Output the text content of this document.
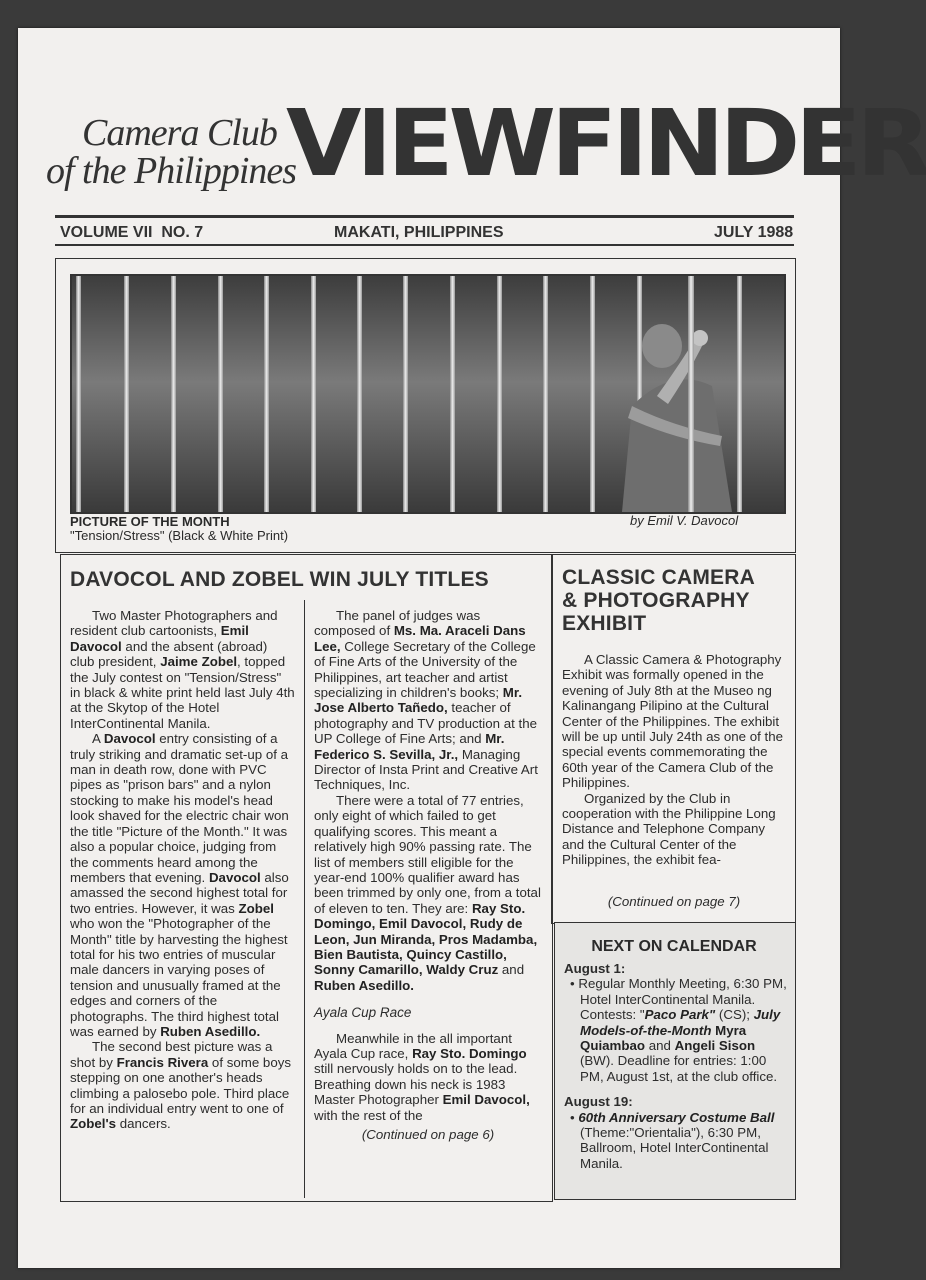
Camera Club
of the Philippines
VIEWFINDER
VOLUME VII NO. 7	MAKATI, PHILIPPINES	JULY 1988
PICTURE OF THE MONTH
"Tension/Stress" (Black & White Print)
by Emil V. Davocol
DAVOCOL AND ZOBEL WIN JULY TITLES

Two Master Photographers and resident club cartoonists, Emil Davocol and the absent (abroad) club president, Jaime Zobel, topped the July contest on "Tension/Stress" in black & white print held last July 4th at the Skytop of the Hotel InterContinental Manila.

A Davocol entry consisting of a truly striking and dramatic set-up of a man in death row, done with PVC pipes as "prison bars" and a nylon stocking to make his model's head look shaved for the electric chair won the title "Picture of the Month." It was also a popular choice, judging from the comments heard among the members that evening. Davocol also amassed the second highest total for two entries. However, it was Zobel who won the "Photographer of the Month" title by harvesting the highest total for his two entries of muscular male dancers in varying poses of tension and unusually framed at the edges and corners of the photographs. The third highest total was earned by Ruben Asedillo.

The second best picture was a shot by Francis Rivera of some boys stepping on one another's heads climbing a palosebo pole. Third place for an individual entry went to one of Zobel's dancers.

The panel of judges was composed of Ms. Ma. Araceli Dans Lee, College Secretary of the College of Fine Arts of the University of the Philippines, art teacher and artist specializing in children's books; Mr. Jose Alberto Tañedo, teacher of photography and TV production at the UP College of Fine Arts; and Mr. Federico S. Sevilla, Jr., Managing Director of Insta Print and Creative Art Techniques, Inc.

There were a total of 77 entries, only eight of which failed to get qualifying scores. This meant a relatively high 90% passing rate. The list of members still eligible for the year-end 100% qualifier award has been trimmed by only one, from a total of eleven to ten. They are: Ray Sto. Domingo, Emil Davocol, Rudy de Leon, Jun Miranda, Pros Madamba, Bien Bautista, Quincy Castillo, Sonny Camarillo, Waldy Cruz and Ruben Asedillo.

Ayala Cup Race

Meanwhile in the all important Ayala Cup race, Ray Sto. Domingo still nervously holds on to the lead. Breathing down his neck is 1983 Master Photographer Emil Davocol, with the rest of the

(Continued on page 6)
CLASSIC CAMERA
& PHOTOGRAPHY
EXHIBIT

A Classic Camera & Photography Exhibit was formally opened in the evening of July 8th at the Museo ng Kalinangang Pilipino at the Cultural Center of the Philippines. The exhibit will be up until July 24th as one of the special events commemorating the 60th year of the Camera Club of the Philippines.

Organized by the Club in cooperation with the Philippine Long Distance and Telephone Company and the Cultural Center of the Philippines, the exhibit fea-

(Continued on page 7)
NEXT ON CALENDAR
August 1:
• Regular Monthly Meeting, 6:30 PM, Hotel InterContinental Manila. Contests: "Paco Park" (CS); July Models-of-the-Month Myra Quiambao and Angeli Sison (BW). Deadline for entries: 1:00 PM, August 1st, at the club office.
August 19:
• 60th Anniversary Costume Ball (Theme:"Orientalia"), 6:30 PM, Ballroom, Hotel InterContinental Manila.
